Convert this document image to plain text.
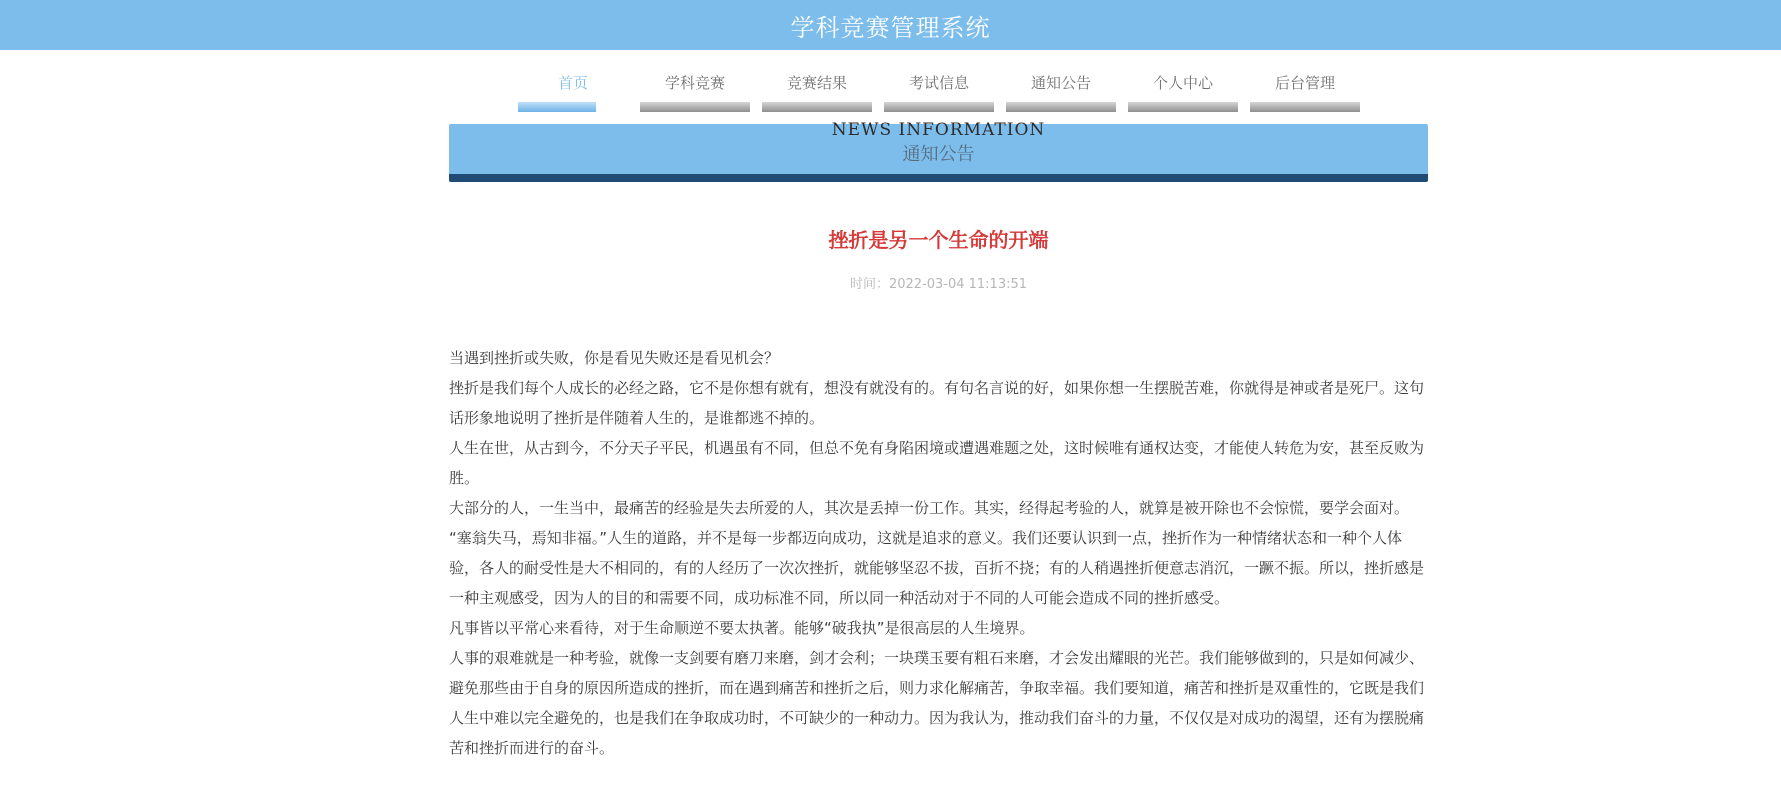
学科竞赛管理系统
首页	学科竞赛	竞赛结果	考试信息	通知公告	个人中心	后台管理
NEWS INFORMATION
通知公告
挫折是另一个生命的开端
时间：2022-03-04 11:13:51

当遇到挫折或失败，你是看见失败还是看见机会？

挫折是我们每个人成长的必经之路，它不是你想有就有，想没有就没有的。有句名言说的好，如果你想一生摆脱苦难，你就得是神或者是死尸。这句话形象地说明了挫折是伴随着人生的，是谁都逃不掉的。

人生在世，从古到今，不分天子平民，机遇虽有不同，但总不免有身陷困境或遭遇难题之处，这时候唯有通权达变，才能使人转危为安，甚至反败为胜。

大部分的人，一生当中，最痛苦的经验是失去所爱的人，其次是丢掉一份工作。其实，经得起考验的人，就算是被开除也不会惊慌，要学会面对。

“塞翁失马，焉知非福。”人生的道路，并不是每一步都迈向成功，这就是追求的意义。我们还要认识到一点，挫折作为一种情绪状态和一种个人体验，各人的耐受性是大不相同的，有的人经历了一次次挫折，就能够坚忍不拔，百折不挠；有的人稍遇挫折便意志消沉，一蹶不振。所以，挫折感是一种主观感受，因为人的目的和需要不同，成功标准不同，所以同一种活动对于不同的人可能会造成不同的挫折感受。

凡事皆以平常心来看待，对于生命顺逆不要太执著。能够“破我执”是很高层的人生境界。

人事的艰难就是一种考验，就像一支剑要有磨刀来磨，剑才会利；一块璞玉要有粗石来磨，才会发出耀眼的光芒。我们能够做到的，只是如何减少、避免那些由于自身的原因所造成的挫折，而在遇到痛苦和挫折之后，则力求化解痛苦，争取幸福。我们要知道，痛苦和挫折是双重性的，它既是我们人生中难以完全避免的，也是我们在争取成功时，不可缺少的一种动力。因为我认为，推动我们奋斗的力量，不仅仅是对成功的渴望，还有为摆脱痛苦和挫折而进行的奋斗。
